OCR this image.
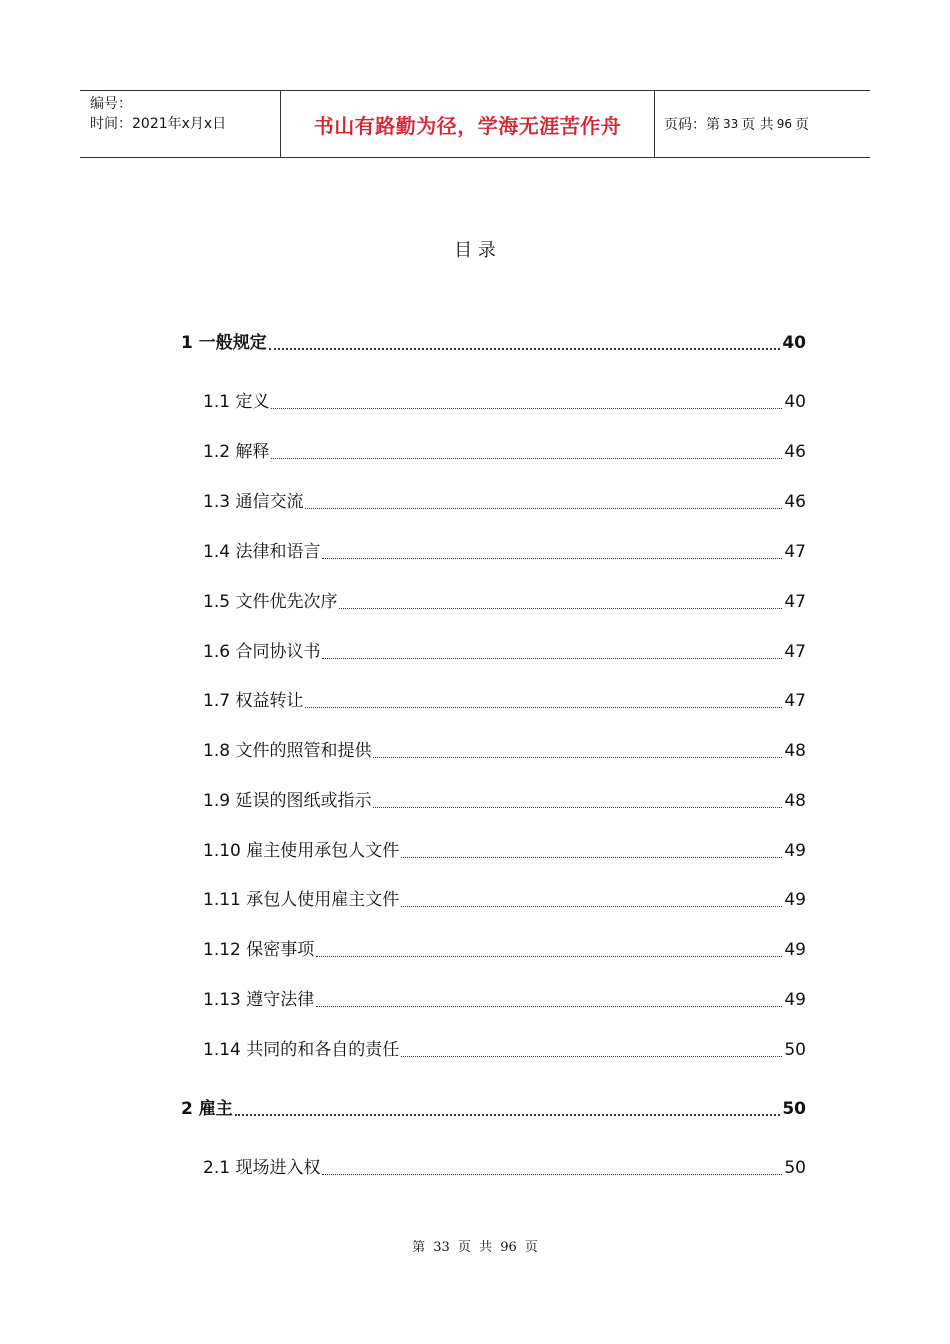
编号：
时间：2021年x月x日	书山有路勤为径，学海无涯苦作舟	页码：第 33 页 共 96 页
目 录
1 一般规定	40
1.1 定义	40
1.2 解释	46
1.3 通信交流	46
1.4 法律和语言	47
1.5 文件优先次序	47
1.6 合同协议书	47
1.7 权益转让	47
1.8 文件的照管和提供	48
1.9 延误的图纸或指示	48
1.10 雇主使用承包人文件	49
1.11 承包人使用雇主文件	49
1.12 保密事项	49
1.13 遵守法律	49
1.14 共同的和各自的责任	50
2 雇主	50
2.1 现场进入权	50
第 33 页 共 96 页
